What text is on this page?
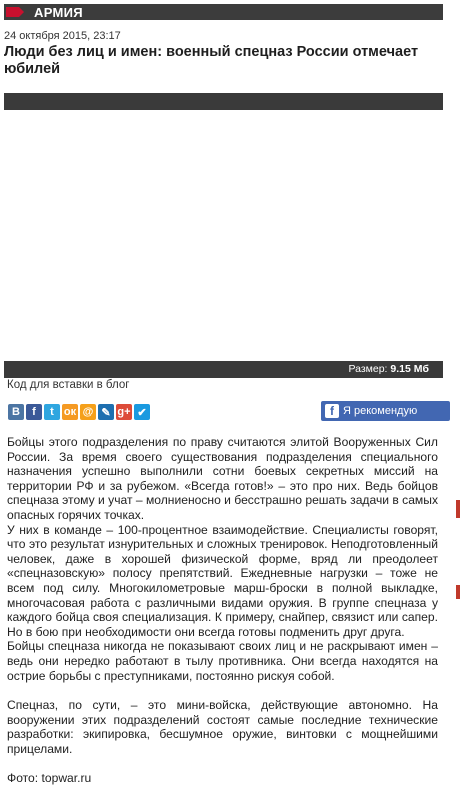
АРМИЯ
24 октября 2015, 23:17
Люди без лиц и имен: военный спецназ России отмечает юбилей
Размер: 9.15 Мб
Код для вставки в блог
В	f	t ок @ ✎ g+ ✔	f Я рекомендую

Бойцы этого подразделения по праву считаются элитой Вооруженных Сил России. За время своего существования подразделения специального назначения успешно выполнили сотни боевых секретных миссий на территории РФ и за рубежом. «Всегда готов!» – это про них. Ведь бойцов спецназа этому и учат – молниеносно и бесстрашно решать задачи в самых опасных горячих точках.

У них в команде – 100-процентное взаимодействие. Специалисты говорят, что это результат изнурительных и сложных тренировок. Неподготовленный человек, даже в хорошей физической форме, вряд ли преодолеет «спецназовскую» полосу препятствий. Ежедневные нагрузки – тоже не всем под силу. Многокилометровые марш-броски в полной выкладке, многочасовая работа с различными видами оружия. В группе спецназа у каждого бойца своя специализация. К примеру, снайпер, связист или сапер. Но в бою при необходимости они всегда готовы подменить друг друга.

Бойцы спецназа никогда не показывают своих лиц и не раскрывают имен – ведь они нередко работают в тылу противника. Они всегда находятся на острие борьбы с преступниками, постоянно рискуя собой.

Спецназ, по сути, – это мини-войска, действующие автономно. На вооружении этих подразделений состоят самые последние технические разработки: экипировка, бесшумное оружие, винтовки с мощнейшими прицелами.

Фото: topwar.ru
